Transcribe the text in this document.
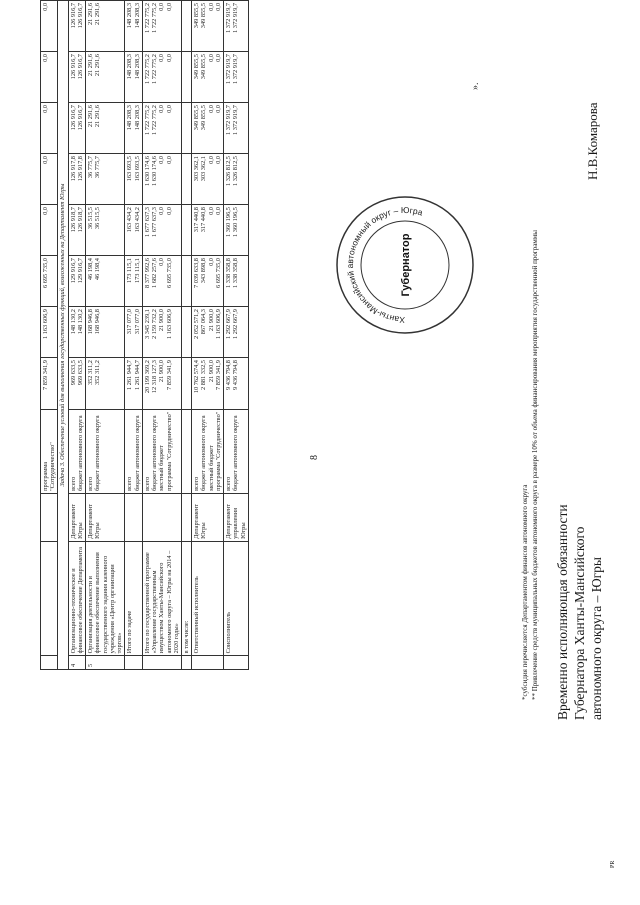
8

			программа "Сотрудничество"	7 859 341,9	1 163 606,9	6 695 735,0	0,0	0,0	0,0	0,0	0,0

Задача 3. Обеспечение условий для выполнения государственных функций, возложенных на Департамент Югры											
4	Организационно-техническое и финансовое обеспечение Департамента	Департамент Югры	всего бюджет автономного округа	969 633,5 969 633,5	148 130,2 148 130,2	129 916,7 129 916,7	126 918,7 126 918,7	126 917,8 126 917,8	126 916,7 126 916,7	126 916,7 126 916,7	126 916,7 126 916,7

5	Организация деятельности и финансовое обеспечение выполнения государственного задания казенного учреждения «Центр организации торгов»	Департамент Югры	всего бюджет автономного округа	352 311,2 352 311,2	168 946,8 168 946,8	46 198,4 46 198,4	36 515,5 36 515,5	36 775,7 36 775,7	21 291,6 21 291,6	21 291,6 21 291,6	21 291,6 21 291,6

	Итого по задаче		всего бюджет автономного округа	1 261 944,7 1 261 944,7	317 077,0 317 077,0	173 115,1 173 115,1	163 434,2 163 434,2	163 693,5 163 693,5	148 208,3 148 208,3	148 208,3 148 208,3	148 208,3 148 208,3

	Итого по государственной программе «Управление государственным имуществом Ханты-Мансийского автономного округа – Югры на 2014 – 2020 годы»		всего бюджет автономного округа местный бюджет программа "Сотрудничество"	20 199 369,2 12 318 127,3 21 900,0 7 859 341,9	3 345 239,1 2 159 732,2 21 900,0 1 163 606,9	8 377 992,6 1 682 257,6 0,0 6 695 735,0	1 677 637,3 1 677 637,3 0,0 0,0	1 630 174,6 1 630 174,6 0,0 0,0	1 722 775,2 1 722 775,2 0,0 0,0	1 722 775,2 1 722 775,2 0,0 0,0	1 722 775,2 1 722 775,2 0,0 0,0

	в том числе:										
	Ответственный исполнитель	Департамент Югры	всего бюджет автономного округа местный бюджет программа "Сотрудничество"	10 762 574,4 2 881 332,5 21 900,0 7 859 341,9	2 052 571,2 867 064,3 21 900,0 1 163 606,9	7 039 633,8 343 898,8 0,0 6 695 735,0	317 440,8 317 440,8 0,0 0,0	303 362,1 303 362,1 0,0 0,0	349 855,5 349 855,5 0,0 0,0	349 855,5 349 855,5 0,0 0,0	349 855,5 349 855,5 0,0 0,0

	Соисполнитель	Департамент управления Югры	всего бюджет автономного округа	9 436 794,8 9 436 794,8	1 292 667,9 1 292 667,9	1 338 358,8 1 338 358,8	1 360 196,5 1 360 196,5	1 326 812,5 1 326 812,5	1 372 919,7 1 372 919,7	1 372 919,7 1 372 919,7	1 372 919,7 1 372 919,7
*субсидия перечисляется Департаментом финансов автономного округа ** Привлечение средств муниципальных бюджетов автономного округа в размере 10% от объема финансирования мероприятия государственной программы
».
Временно исполняющая обязанности Губернатора Ханты-Мансийского автономного округа – Югры
Н.В.Комарова
Ханты-Мансийский автономный округ – Югра
Губернатор
PR
